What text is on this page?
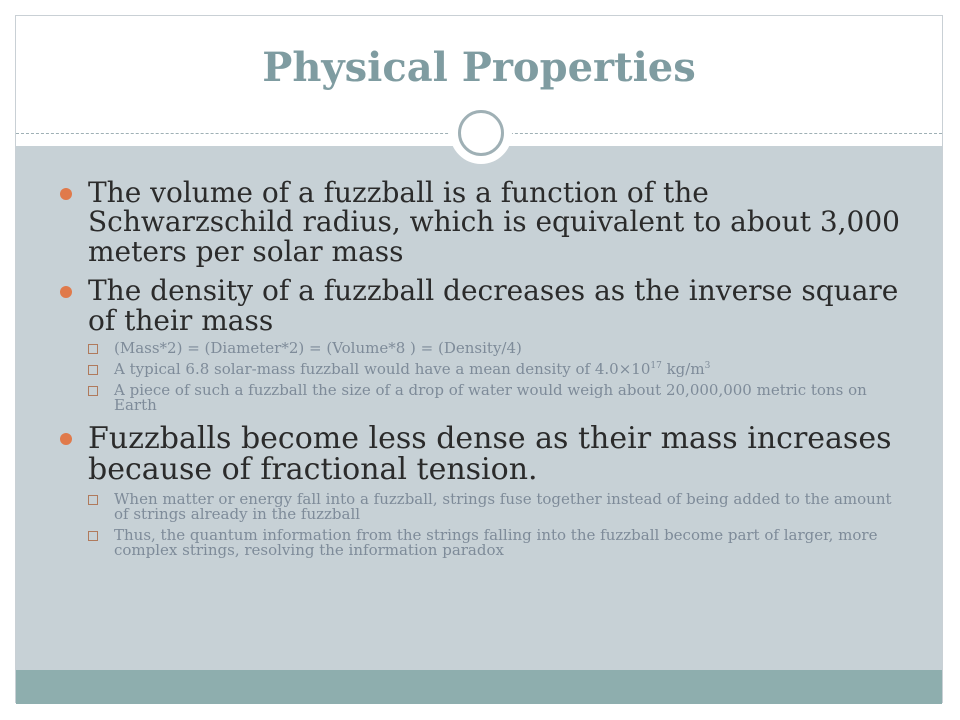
Physical Properties
The volume of a fuzzball is a function of the Schwarzschild radius, which is equivalent to about 3,000 meters per solar mass
The density of a fuzzball decreases as the inverse square of their mass
(Mass*2) = (Diameter*2) = (Volume*8 ) = (Density/4)
A typical 6.8 solar-mass fuzzball would have a mean density of $4.0\times 10^{17}$ $kg/m^3$
A piece of such a fuzzball the size of a drop of water would weigh about 20,000,000 metric tons on Earth
Fuzzballs become less dense as their mass increases because of fractional tension.
When matter or energy fall into a fuzzball, strings fuse together instead of being added to the amount of strings already in the fuzzball
Thus, the quantum information from the strings falling into the fuzzball become part of larger, more complex strings, resolving the information paradox
